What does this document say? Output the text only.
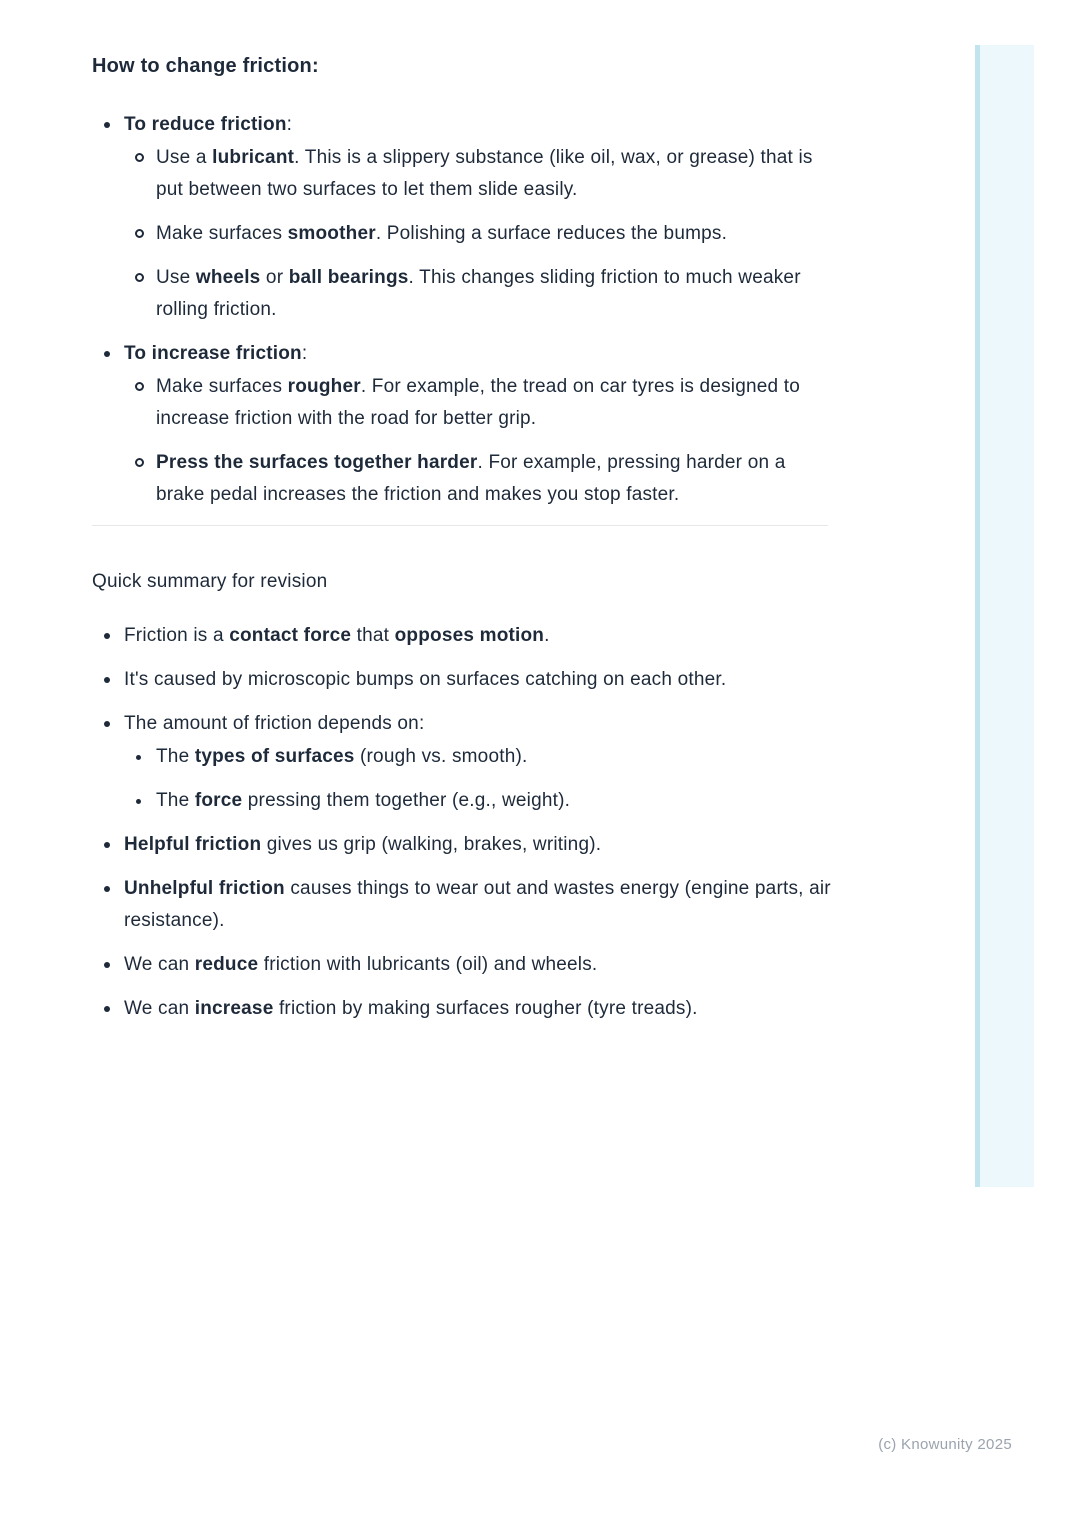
How to change friction:
To reduce friction:
Use a lubricant. This is a slippery substance (like oil, wax, or grease) that is put between two surfaces to let them slide easily.
Make surfaces smoother. Polishing a surface reduces the bumps.
Use wheels or ball bearings. This changes sliding friction to much weaker rolling friction.
To increase friction:
Make surfaces rougher. For example, the tread on car tyres is designed to increase friction with the road for better grip.
Press the surfaces together harder. For example, pressing harder on a brake pedal increases the friction and makes you stop faster.

Quick summary for revision

Friction is a contact force that opposes motion.
It's caused by microscopic bumps on surfaces catching on each other.
The amount of friction depends on:
The types of surfaces (rough vs. smooth).
The force pressing them together (e.g., weight).
Helpful friction gives us grip (walking, brakes, writing).
Unhelpful friction causes things to wear out and wastes energy (engine parts, air resistance).
We can reduce friction with lubricants (oil) and wheels.
We can increase friction by making surfaces rougher (tyre treads).
(c) Knowunity 2025
